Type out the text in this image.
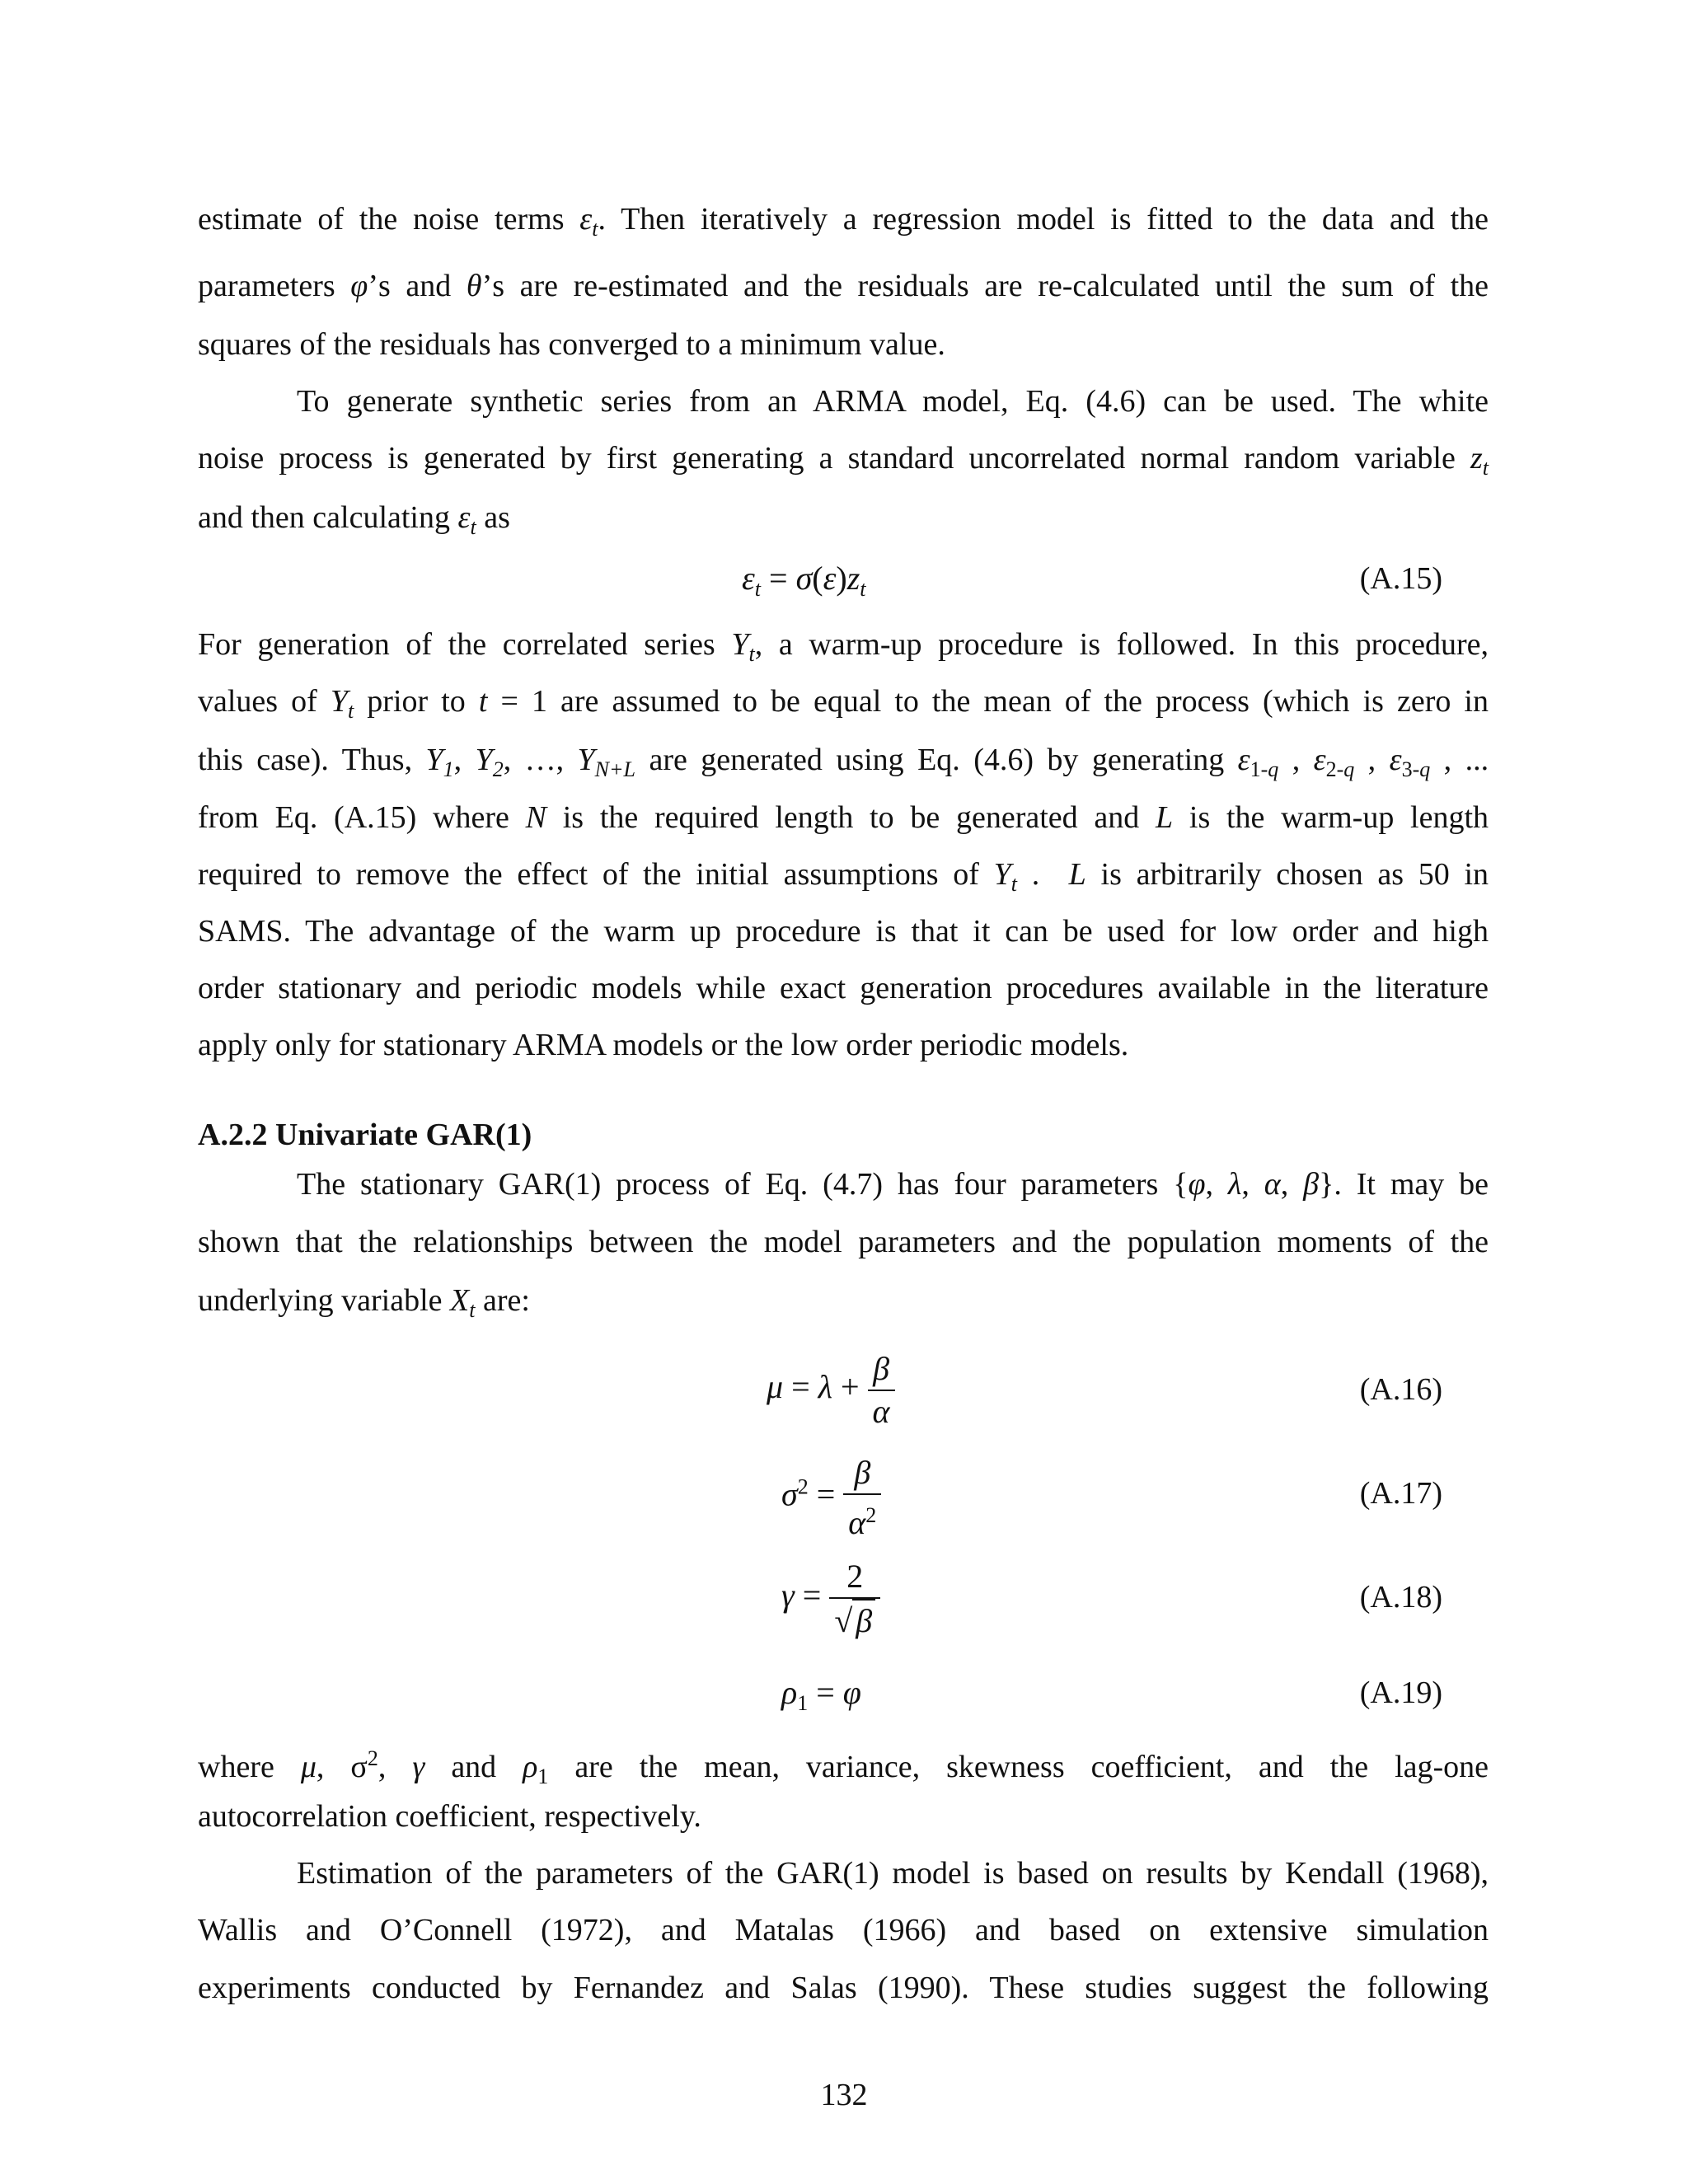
estimate of the noise terms $\varepsilon_t$. Then iteratively a regression model is fitted to the data and the
parameters φ’s and θ’s are re-estimated and the residuals are re-calculated until the sum of the
squares of the residuals has converged to a minimum value.
To generate synthetic series from an ARMA model, Eq. (4.6) can be used. The white
noise process is generated by first generating a standard uncorrelated normal random variable $z_t$
and then calculating $\varepsilon_t$ as
$\varepsilon_t = \sigma(\varepsilon)z_t$	(A.15)
For generation of the correlated series $Y_t$, a warm-up procedure is followed. In this procedure,
values of $Y_t$ prior to t = 1 are assumed to be equal to the mean of the process (which is zero in
this case). Thus, $Y_1$, $Y_2$, …, $Y_{N+L}$ are generated using Eq. (4.6) by generating $\varepsilon_{1-q}$ , $\varepsilon_{2-q}$ , $\varepsilon_{3-q}$ , ...
from Eq. (A.15) where N is the required length to be generated and L is the warm-up length
required to remove the effect of the initial assumptions of $Y_t$ .  L is arbitrarily chosen as 50 in
SAMS. The advantage of the warm up procedure is that it can be used for low order and high
order stationary and periodic models while exact generation procedures available in the literature
apply only for stationary ARMA models or the low order periodic models.
A.2.2 Univariate GAR(1)
The stationary GAR(1) process of Eq. (4.7) has four parameters {φ, λ, α, β}. It may be
shown that the relationships between the model parameters and the population moments of the
underlying variable $X_t$ are:
$\mu = \lambda + \frac{\beta}{\alpha}$	(A.16)
$\sigma^2 = \frac{\beta}{\alpha^2}$	(A.17)
$\gamma = \frac{2}{√ \beta}$	(A.18)
$\rho_1 = \varphi$	(A.19)
where μ, $\sigma^2$, γ and $\rho_1$ are the mean, variance, skewness coefficient, and the lag-one
autocorrelation coefficient, respectively.
Estimation of the parameters of the GAR(1) model is based on results by Kendall (1968),
Wallis and O’Connell (1972), and Matalas (1966) and based on extensive simulation
experiments conducted by Fernandez and Salas (1990). These studies suggest the following
132
